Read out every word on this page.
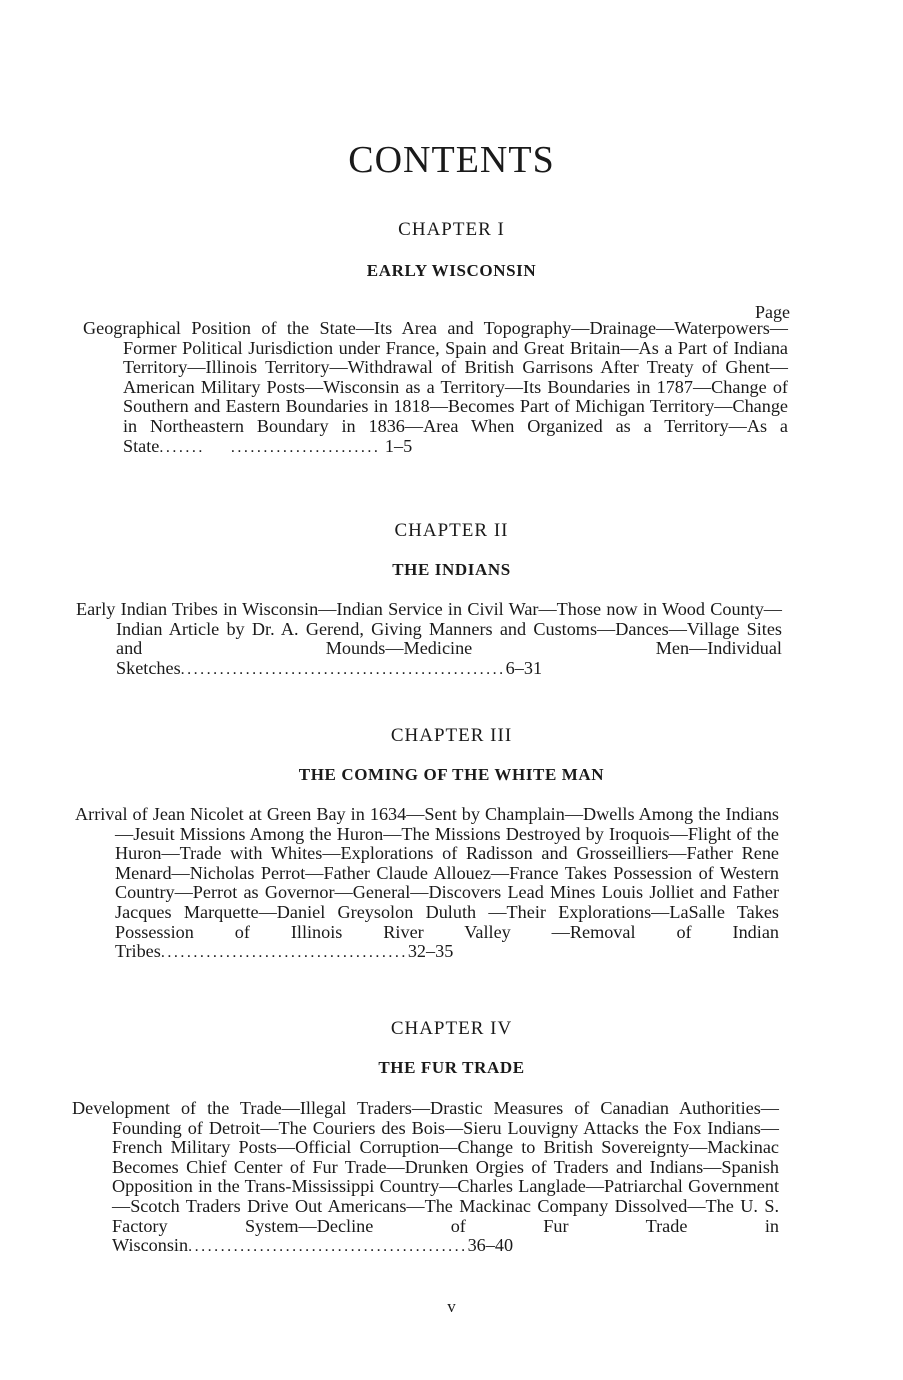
CONTENTS
CHAPTER I
EARLY WISCONSIN
Page
Geographical Position of the State—Its Area and Topography—Drainage—Waterpowers—Former Political Jurisdiction under France, Spain and Great Britain—As a Part of Indiana Territory—Illinois Territory—Withdrawal of British Garrisons After Treaty of Ghent—American Military Posts—Wisconsin as a Territory—Its Boundaries in 1787—Change of Southern and Eastern Boundaries in 1818—Becomes Part of Michigan Territory—Change in Northeastern Boundary in 1836—Area When Organized as a Territory—As a State.......    ....................... 1–5
CHAPTER II
THE INDIANS
Early Indian Tribes in Wisconsin—Indian Service in Civil War—Those now in Wood County—Indian Article by Dr. A. Gerend, Giving Manners and Customs—Dances—Village Sites and Mounds—Medicine Men—Individual Sketches..................................................6–31
CHAPTER III
THE COMING OF THE WHITE MAN
Arrival of Jean Nicolet at Green Bay in 1634—Sent by Champlain—Dwells Among the Indians—Jesuit Missions Among the Huron—The Missions Destroyed by Iroquois—Flight of the Huron—Trade with Whites—Explorations of Radisson and Grosseilliers—Father Rene Menard—Nicholas Perrot—Father Claude Allouez—France Takes Possession of Western Country—Perrot as Governor—General—Discovers Lead Mines Louis Jolliet and Father Jacques Marquette—Daniel Greysolon Duluth —Their Explorations—LaSalle Takes Possession of Illinois River Valley —Removal of Indian Tribes......................................32–35
CHAPTER IV
THE FUR TRADE
Development of the Trade—Illegal Traders—Drastic Measures of Canadian Authorities—Founding of Detroit—The Couriers des Bois—Sieru Louvigny Attacks the Fox Indians—French Military Posts—Official Corruption—Change to British Sovereignty—Mackinac Becomes Chief Center of Fur Trade—Drunken Orgies of Traders and Indians—Spanish Opposition in the Trans-Mississippi Country—Charles Langlade—Patriarchal Government—Scotch Traders Drive Out Americans—The Mackinac Company Dissolved—The U. S. Factory System—Decline of Fur Trade in Wisconsin...........................................36–40
v
